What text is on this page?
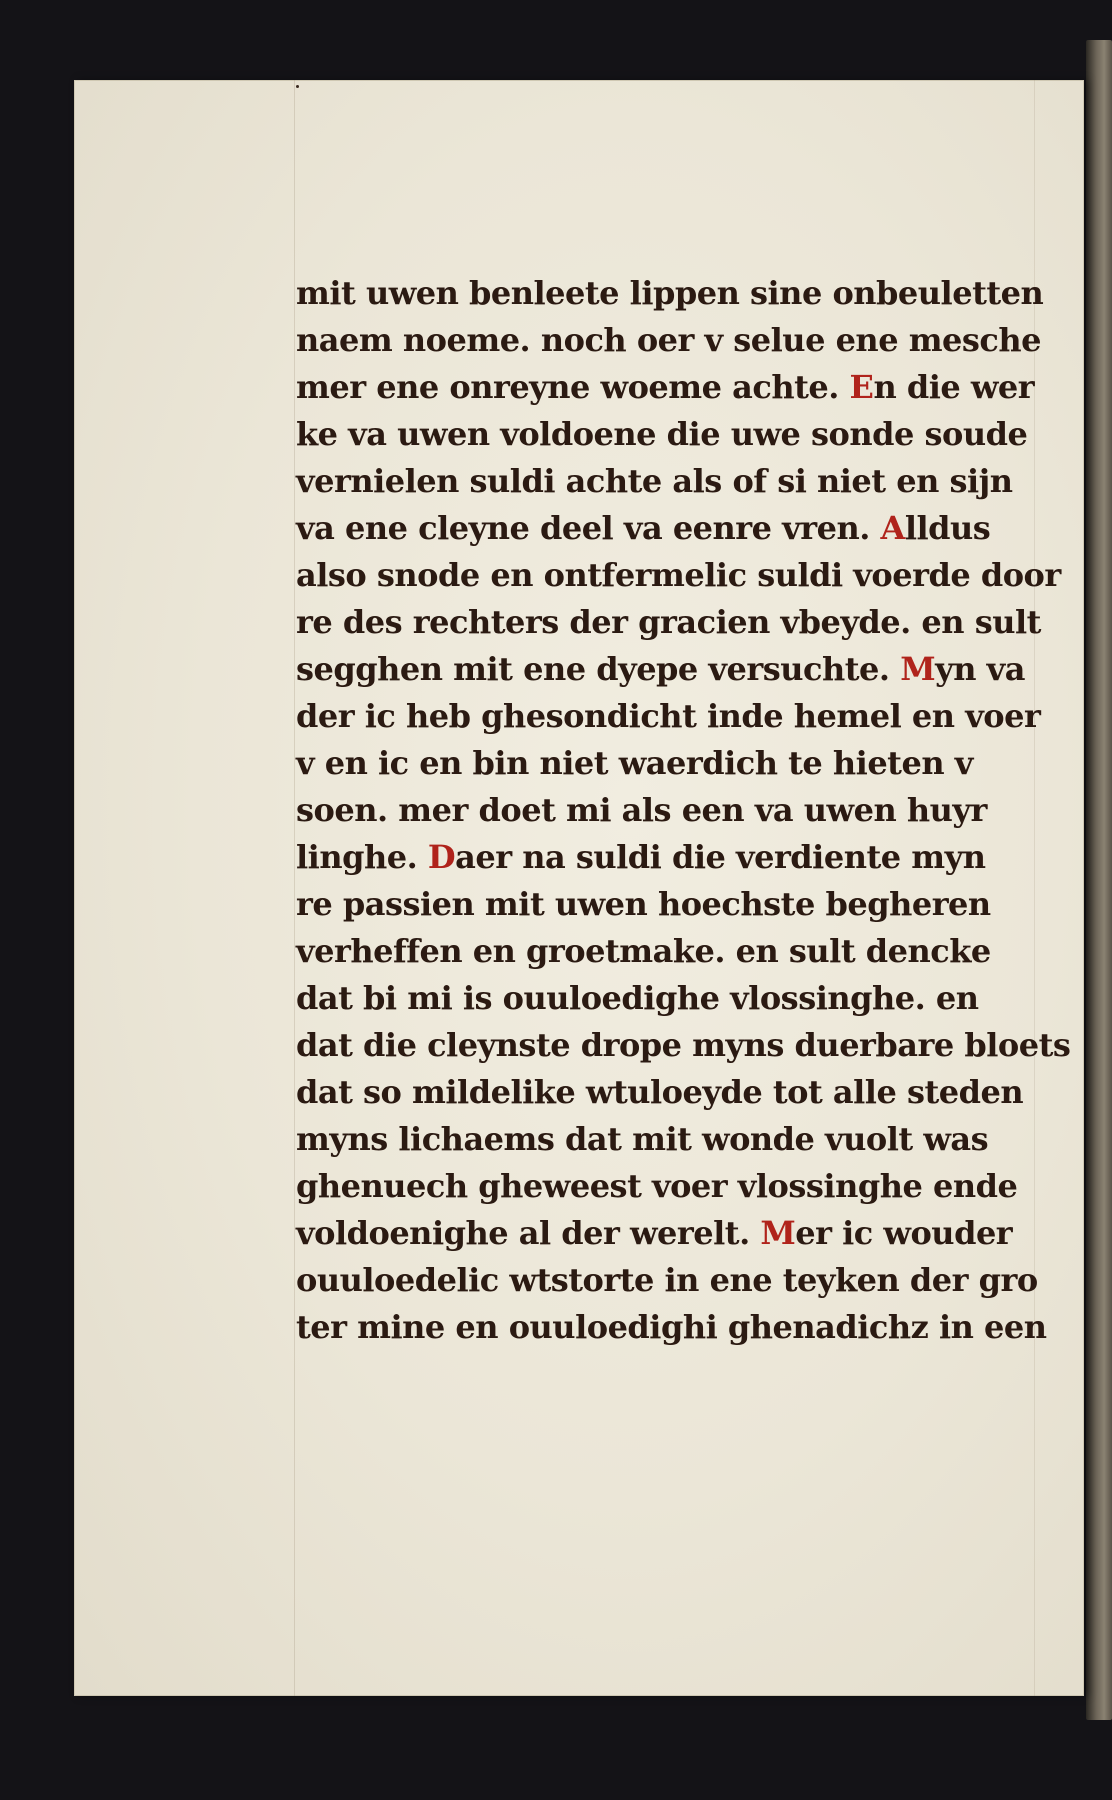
mit uwen benleete lippen sine onbeuletten
naem noeme. noch oer v selue ene mesche
mer ene onreyne woeme achte. En die wer
ke va uwen voldoene die uwe sonde soude
vernielen suldi achte als of si niet en sijn
va ene cleyne deel va eenre vren. Alldus
also snode en ontfermelic suldi voerde door
re des rechters der gracien vbeyde. en sult
segghen mit ene dyepe versuchte. Myn va
der ic heb ghesondicht inde hemel en voer
v en ic en bin niet waerdich te hieten v
soen. mer doet mi als een va uwen huyr
linghe. Daer na suldi die verdiente myn
re passien mit uwen hoechste begheren
verheffen en groetmake. en sult dencke
dat bi mi is ouuloedighe vlossinghe. en
dat die cleynste drope myns duerbare bloets
dat so mildelike wtuloeyde tot alle steden
myns lichaems dat mit wonde vuolt was
ghenuech gheweest voer vlossinghe ende
voldoenighe al der werelt. Mer ic wouder
ouuloedelic wtstorte in ene teyken der gro
ter mine en ouuloedighi ghenadichz in een
